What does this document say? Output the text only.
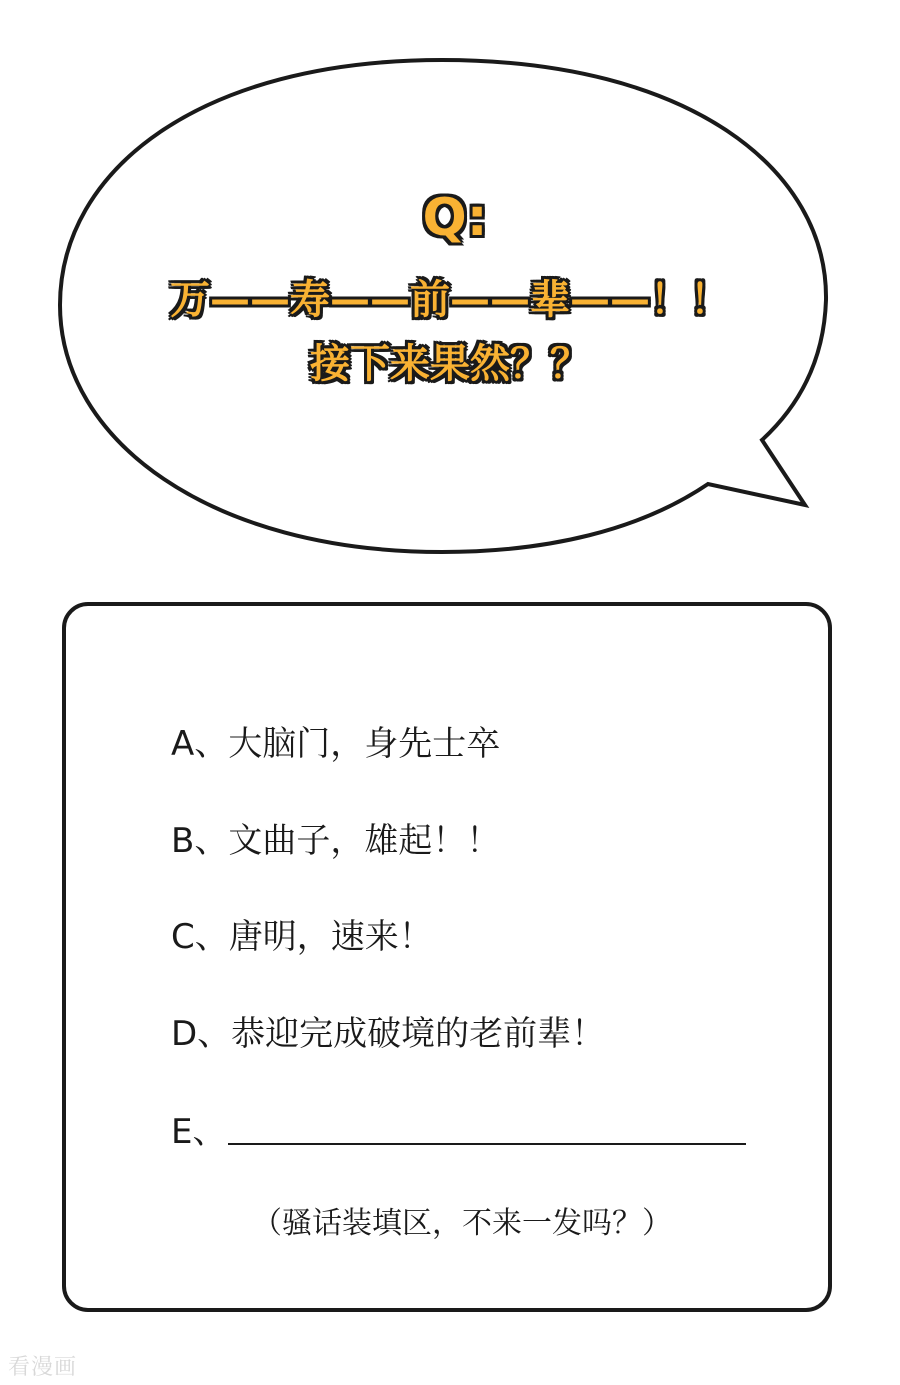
Q:
万——寿——前——辈——！！
接下来果然？？
A、大脑门，身先士卒
B、文曲子，雄起！！
C、唐明，速来！
D、恭迎完成破境的老前辈！
E、
（骚话装填区，不来一发吗？）
看漫画
